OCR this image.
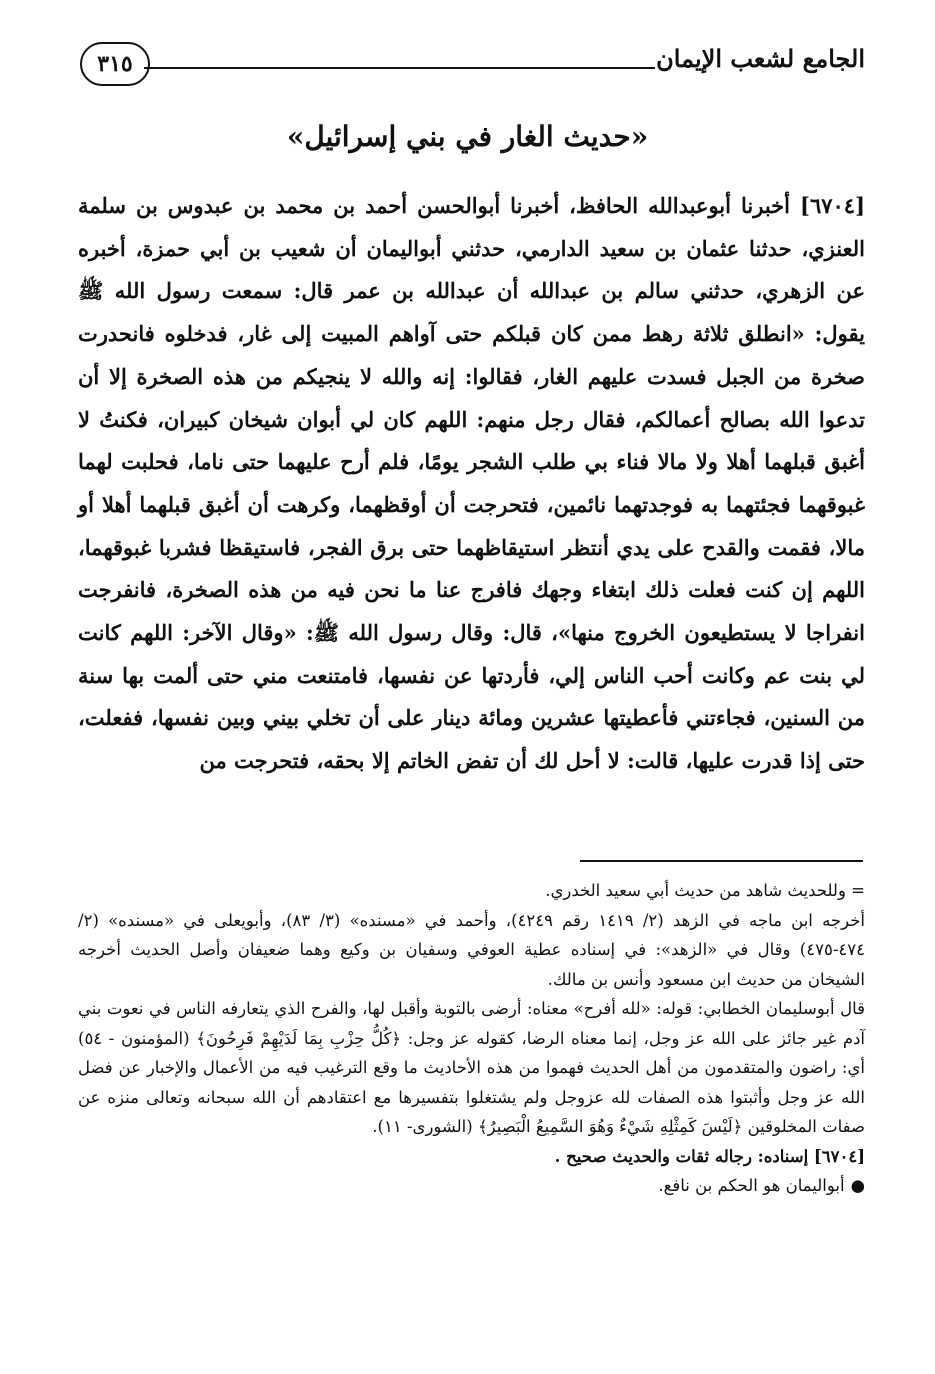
الجامع لشعب الإيمان
٣١٥
«حديث الغار في بني إسرائيل»

[٦٧٠٤] أخبرنا أبوعبدالله الحافظ، أخبرنا أبوالحسن أحمد بن محمد بن عبدوس بن سلمة العنزي، حدثنا عثمان بن سعيد الدارمي، حدثني أبواليمان أن شعيب بن أبي حمزة، أخبره عن الزهري، حدثني سالم بن عبدالله أن عبدالله بن عمر قال: سمعت رسول الله ﷺ يقول: «انطلق ثلاثة رهط ممن كان قبلكم حتى آواهم المبيت إلى غار، فدخلوه فانحدرت صخرة من الجبل فسدت عليهم الغار، فقالوا: إنه والله لا ينجيكم من هذه الصخرة إلا أن تدعوا الله بصالح أعمالكم، فقال رجل منهم: اللهم كان لي أبوان شيخان كبيران، فكنتُ لا أغبق قبلهما أهلا ولا مالا فناء بي طلب الشجر يومًا، فلم أرح عليهما حتى ناما، فحلبت لهما غبوقهما فجئتهما به فوجدتهما نائمين، فتحرجت أن أوقظهما، وكرهت أن أغبق قبلهما أهلا أو مالا، فقمت والقدح على يدي أنتظر استيقاظهما حتى برق الفجر، فاستيقظا فشربا غبوقهما، اللهم إن كنت فعلت ذلك ابتغاء وجهك فافرج عنا ما نحن فيه من هذه الصخرة، فانفرجت انفراجا لا يستطيعون الخروج منها»، قال: وقال رسول الله ﷺ: «وقال الآخر: اللهم كانت لي بنت عم وكانت أحب الناس إلي، فأردتها عن نفسها، فامتنعت مني حتى ألمت بها سنة من السنين، فجاءتني فأعطيتها عشرين ومائة دينار على أن تخلي بيني وبين نفسها، ففعلت، حتى إذا قدرت عليها، قالت: لا أحل لك أن تفض الخاتم إلا بحقه، فتحرجت من

= وللحديث شاهد من حديث أبي سعيد الخدري.

أخرجه ابن ماجه في الزهد (٢/ ١٤١٩ رقم ٤٢٤٩)، وأحمد في «مسنده» (٣/ ٨٣)، وأبويعلى في «مسنده» (٢/ ٤٧٤-٤٧٥) وقال في «الزهد»: في إسناده عطية العوفي وسفيان بن وكيع وهما ضعيفان وأصل الحديث أخرجه الشيخان من حديث ابن مسعود وأنس بن مالك.

قال أبوسليمان الخطابي: قوله: «لله أفرح» معناه: أرضى بالتوبة وأقبل لها، والفرح الذي يتعارفه الناس في نعوت بني آدم غير جائز على الله عز وجل، إنما معناه الرضا، كقوله عز وجل: ﴿كُلُّ حِزْبِ بِمَا لَدَيْهِمْ فَرِحُونَ﴾ (المؤمنون - ٥٤) أي: راضون والمتقدمون من أهل الحديث فهموا من هذه الأحاديث ما وقع الترغيب فيه من الأعمال والإخبار عن فضل الله عز وجل وأثبتوا هذه الصفات لله عزوجل ولم يشتغلوا بتفسيرها مع اعتقادهم أن الله سبحانه وتعالى منزه عن صفات المخلوقين ﴿لَيْسَ كَمِثْلِهِ شَيْءٌ وَهُوَ السَّمِيعُ الْبَصِيرُ﴾ (الشورى- ١١).

[٦٧٠٤] إسناده: رجاله ثقات والحديث صحيح .

●أبواليمان هو الحكم بن نافع.
